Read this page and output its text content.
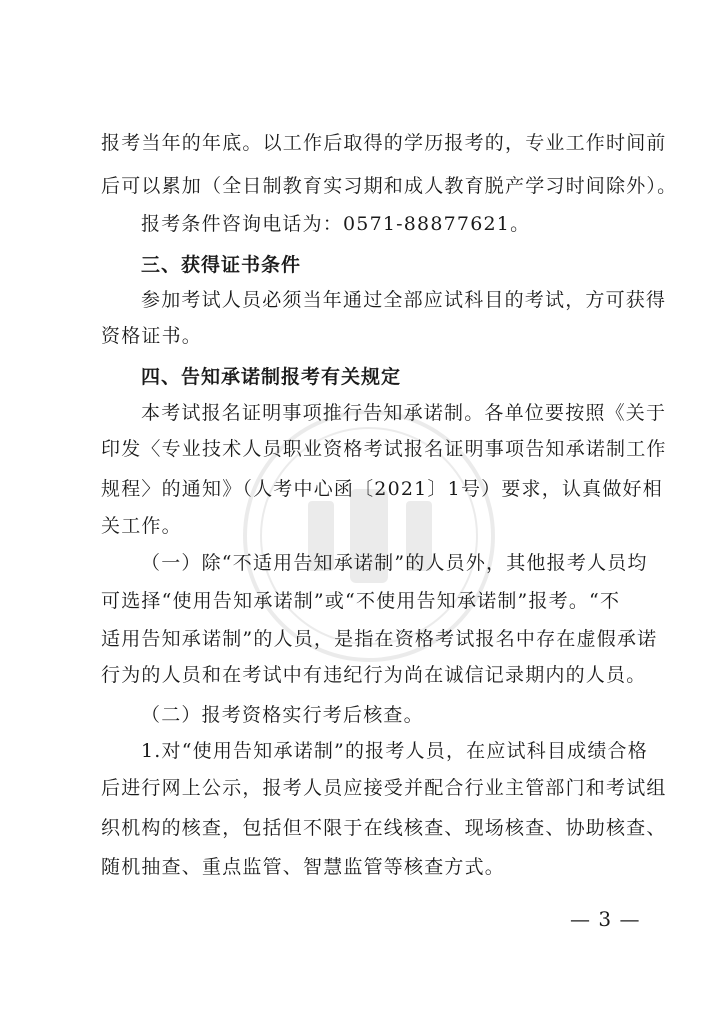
报考当年的年底。以工作后取得的学历报考的，专业工作时间前
后可以累加（全日制教育实习期和成人教育脱产学习时间除外）。
报考条件咨询电话为：0571-88877621。
三、获得证书条件
参加考试人员必须当年通过全部应试科目的考试，方可获得
资格证书。
四、告知承诺制报考有关规定
本考试报名证明事项推行告知承诺制。各单位要按照《关于
印发〈专业技术人员职业资格考试报名证明事项告知承诺制工作
规程〉的通知》（人考中心函〔2021〕1号）要求，认真做好相
关工作。
（一）除“不适用告知承诺制”的人员外，其他报考人员均
可选择“使用告知承诺制”或“不使用告知承诺制”报考。“不
适用告知承诺制”的人员，是指在资格考试报名中存在虚假承诺
行为的人员和在考试中有违纪行为尚在诚信记录期内的人员。
（二）报考资格实行考后核查。
1.对“使用告知承诺制”的报考人员，在应试科目成绩合格
后进行网上公示，报考人员应接受并配合行业主管部门和考试组
织机构的核查，包括但不限于在线核查、现场核查、协助核查、
随机抽查、重点监管、智慧监管等核查方式。
— 3 —
